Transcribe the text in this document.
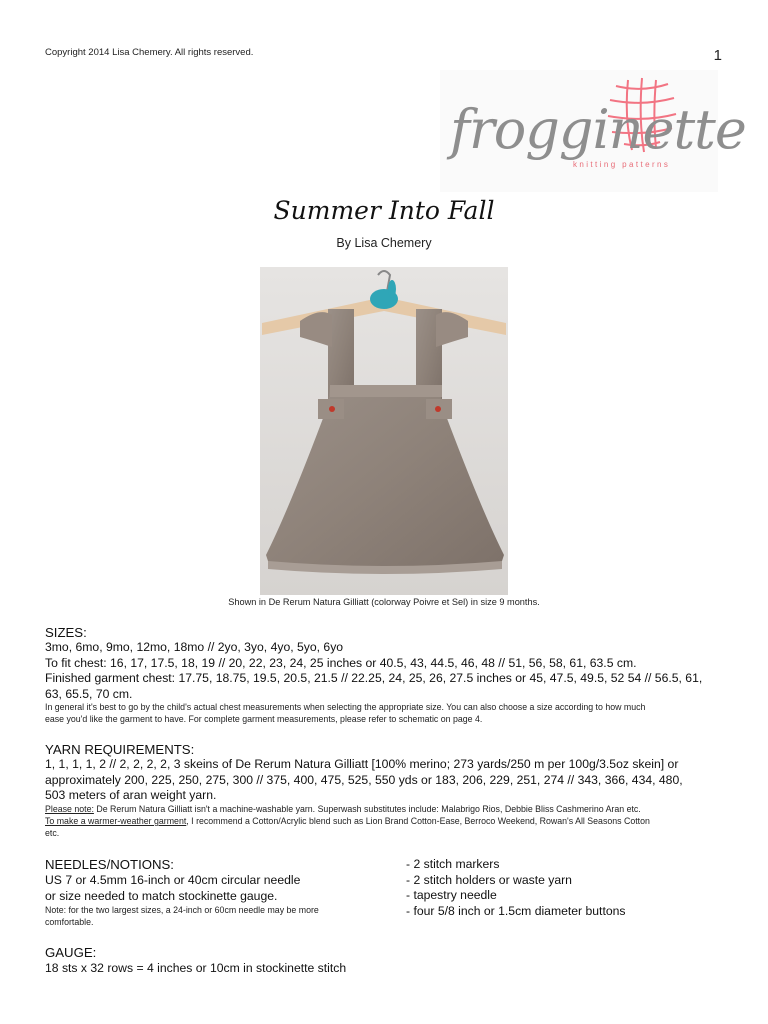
Copyright 2014 Lisa Chemery. All rights reserved.	1
frogginette
knitting patterns
Summer Into Fall
By Lisa Chemery
Shown in De Rerum Natura Gilliatt (colorway Poivre et Sel) in size 9 months.
SIZES:
3mo, 6mo, 9mo, 12mo, 18mo // 2yo, 3yo, 4yo, 5yo, 6yo
To fit chest: 16, 17, 17.5, 18, 19 // 20, 22, 23, 24, 25 inches or 40.5, 43, 44.5, 46, 48 // 51, 56, 58, 61, 63.5 cm.
Finished garment chest: 17.75, 18.75, 19.5, 20.5, 21.5 // 22.25, 24, 25, 26, 27.5 inches or 45, 47.5, 49.5, 52 54 // 56.5, 61,
63, 65.5, 70 cm.
In general it's best to go by the child's actual chest measurements when selecting the appropriate size. You can also choose a size according to how much
ease you'd like the garment to have. For complete garment measurements, please refer to schematic on page 4.
YARN REQUIREMENTS:
1, 1, 1, 1, 2 // 2, 2, 2, 2, 3 skeins of De Rerum Natura Gilliatt [100% merino; 273 yards/250 m per 100g/3.5oz skein] or
approximately 200, 225, 250, 275, 300 // 375, 400, 475, 525, 550 yds or 183, 206, 229, 251, 274 // 343, 366, 434, 480,
503 meters of aran weight yarn.
Please note: De Rerum Natura Gilliatt isn't a machine-washable yarn. Superwash substitutes include: Malabrigo Rios, Debbie Bliss Cashmerino Aran etc.
To make a warmer-weather garment, I recommend a Cotton/Acrylic blend such as Lion Brand Cotton-Ease, Berroco Weekend, Rowan's All Seasons Cotton
etc.
NEEDLES/NOTIONS:
US 7 or 4.5mm 16-inch or 40cm circular needle
or size needed to match stockinette gauge.
Note: for the two largest sizes, a 24-inch or 60cm needle may be more
comfortable.
- 2 stitch markers
- 2 stitch holders or waste yarn
- tapestry needle
- four 5/8 inch or 1.5cm diameter buttons
GAUGE:
18 sts x 32 rows = 4 inches or 10cm in stockinette stitch
